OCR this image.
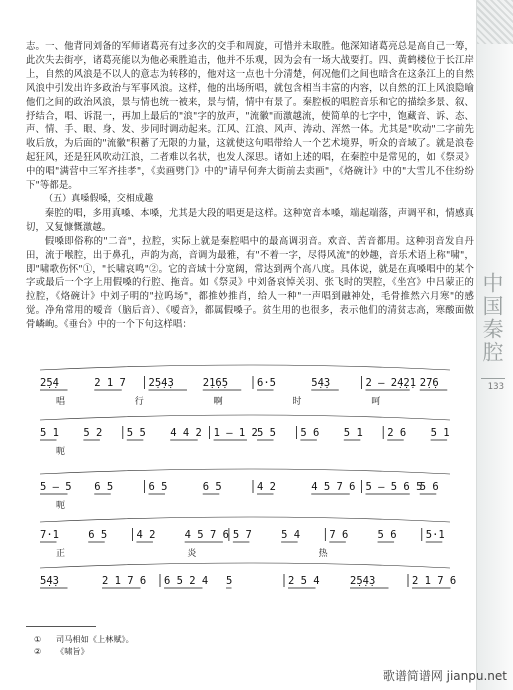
志。一、他背同刘备的军师诸葛亮有过多次的交手和周旋，可惜并未取胜。他深知诸葛亮总是高自己一筹，此次失去街亭，诸葛亮能以为他必乘胜追击，他并不乐观，因为会有一场大战要打。四、黄鹤楼位于长江岸上，自然的风浪是不以人的意志为转移的，他对这一点也十分清楚，何况他们之间也暗含在这条江上的自然风浪中引发出许多政治与军事风浪。这样，他的出场所唱，就包含相当丰富的内容，以自然的江上风浪隐喻他们之间的政治风浪，景与情也统一被来，景与情，情中有景了。秦腔板的唱腔音乐和它的描绘多景、叙、抒结合，唱、诉混一，再加上最后的"浪"字的放声，"流徽"而激越流，使简单的七字中，饱藏音、诉、态、声、情、手、眼、身、发、步同时调动起来。江风、江浪、风声、涛动、浑然一体。尤其是"吹动"二字前先收后放，为后面的"流徽"积蓄了无限的力量，这就使这句唱带给人一个艺术境界，听众的音域了。就是浪卷起狂风，还是狂风吹动江浪，二者难以名状，也发人深思。诸如上述的唱，在秦腔中是常见的，如《祭灵》中的唱"满营中三军齐挂孝"，《卖画劈门》中的"请早何奔大街前去卖画"，《烙碗计》中的"大雪儿不住纷纷下"等都是。

（五）真嗓假嗓，交相成趣

秦腔的唱，多用真嗓、本嗓，尤其是大段的唱更是这样。这种宽音本嗓，端起端落，声调平和，情感真切，又复慷慨激越。

假嗓即俗称的"二音"，拉腔，实际上就是秦腔唱中的最高调羽音。欢音、苦音都用。这种羽音发自丹田，流于喉腔，出于鼻孔，声韵为高，音调为最雅，有"不着一字，尽得风流"的妙趣，音乐术语上称"啸"，即"啸歌伤怀"①，"长啸哀鸣"②。它的音域十分宽阔，常达到两个高八度。具体说，就是在真嗓唱中的某个字或最后一个字上用假嗓的行腔、拖音。如《祭灵》中刘备哀悼关羽、张飞时的哭腔，《坐宫》中吕蒙正的拉腔，《烙碗计》中刘子明的"拉呜场"，都推妙推肖，给人一种"一声唱到融神处，毛骨推然六月寒"的感觉。净角常用的嗳音（脑后音）、《嗳音》，都属假嗓子。贫生用的也很多，表示他们的清贫志高，寒酸面傲骨嶙峋。《垂台》中的一个下句这样唱：	中国秦腔
133
2̣5̣4	2 1 7 2̣5̣4̣3	2̣1̣6̣5	6·5	5̣4̣3	2 — 2̣4̣2̣1 2̣7̣6
唱	行	啊	时	呵
5 1 5 2 5 5 4 4 2 1 — 1 2 5 5 5 6 5 1 2 6 5 1
呃
5 — 5 6 5	6 5	6 5	4 2	4 5 7 6 5 — 5 6 5
5 6
呃
7·1	6 5	4 2	4 5 7 6 5 7	5 4	7 6	5 6	5·1
正	炎	热
5̣4̣3	2 1 7 6 6 5 2 4 5	2 5 4	2̣5̣4̣3	2 1 7 6
① 司马相如《上林赋》。
② 《啸旨》
歌谱简谱网 jianpu.net
